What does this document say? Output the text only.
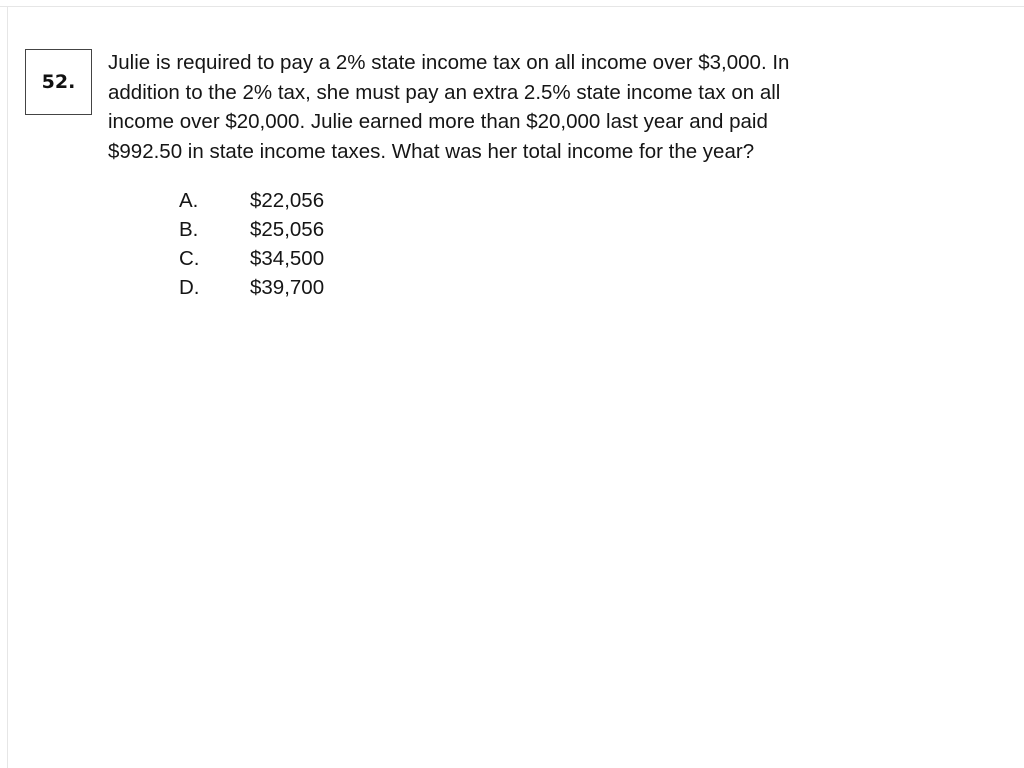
52.
Julie is required to pay a 2% state income tax on all income over $3,000. In
addition to the 2% tax, she must pay an extra 2.5% state income tax on all
income over $20,000. Julie earned more than $20,000 last year and paid
$992.50 in state income taxes. What was her total income for the year?
A.	$22,056
B.	$25,056
C.	$34,500
D.	$39,700
